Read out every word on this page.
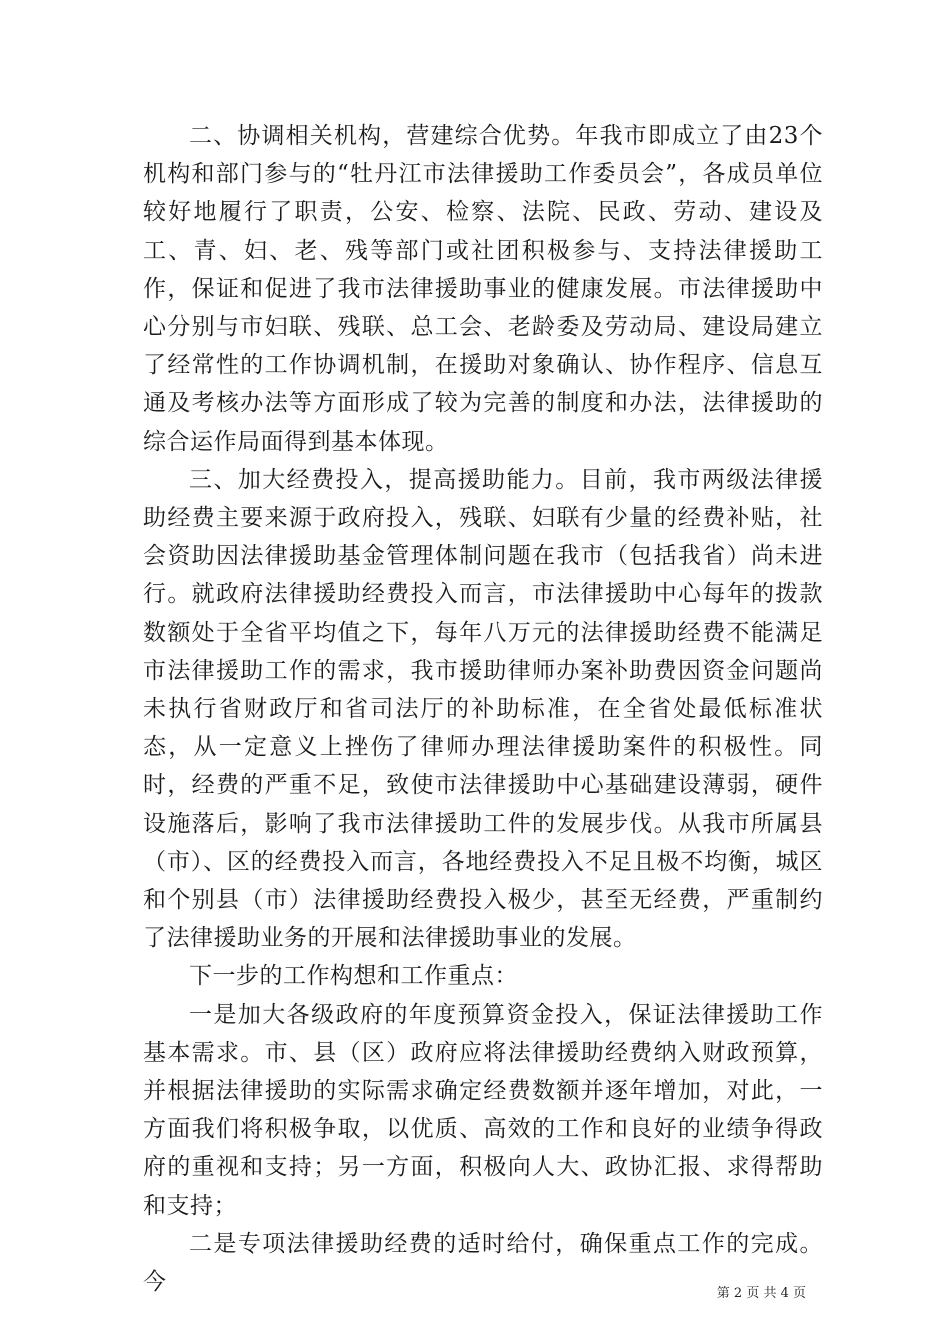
二、协调相关机构，营建综合优势。年我市即成立了由23个机构和部门参与的“牡丹江市法律援助工作委员会”，各成员单位较好地履行了职责，公安、检察、法院、民政、劳动、建设及工、青、妇、老、残等部门或社团积极参与、支持法律援助工作，保证和促进了我市法律援助事业的健康发展。市法律援助中心分别与市妇联、残联、总工会、老龄委及劳动局、建设局建立了经常性的工作协调机制，在援助对象确认、协作程序、信息互通及考核办法等方面形成了较为完善的制度和办法，法律援助的综合运作局面得到基本体现。

三、加大经费投入，提高援助能力。目前，我市两级法律援助经费主要来源于政府投入，残联、妇联有少量的经费补贴，社会资助因法律援助基金管理体制问题在我市（包括我省）尚未进行。就政府法律援助经费投入而言，市法律援助中心每年的拨款数额处于全省平均值之下，每年八万元的法律援助经费不能满足市法律援助工作的需求，我市援助律师办案补助费因资金问题尚未执行省财政厅和省司法厅的补助标准，在全省处最低标准状态，从一定意义上挫伤了律师办理法律援助案件的积极性。同时，经费的严重不足，致使市法律援助中心基础建设薄弱，硬件设施落后，影响了我市法律援助工件的发展步伐。从我市所属县（市）、区的经费投入而言，各地经费投入不足且极不均衡，城区和个别县（市）法律援助经费投入极少，甚至无经费，严重制约了法律援助业务的开展和法律援助事业的发展。

下一步的工作构想和工作重点：

一是加大各级政府的年度预算资金投入，保证法律援助工作基本需求。市、县（区）政府应将法律援助经费纳入财政预算，并根据法律援助的实际需求确定经费数额并逐年增加，对此，一方面我们将积极争取，以优质、高效的工作和良好的业绩争得政府的重视和支持；另一方面，积极向人大、政协汇报、求得帮助和支持；

二是专项法律援助经费的适时给付，确保重点工作的完成。今	第 2 页 共 4 页
